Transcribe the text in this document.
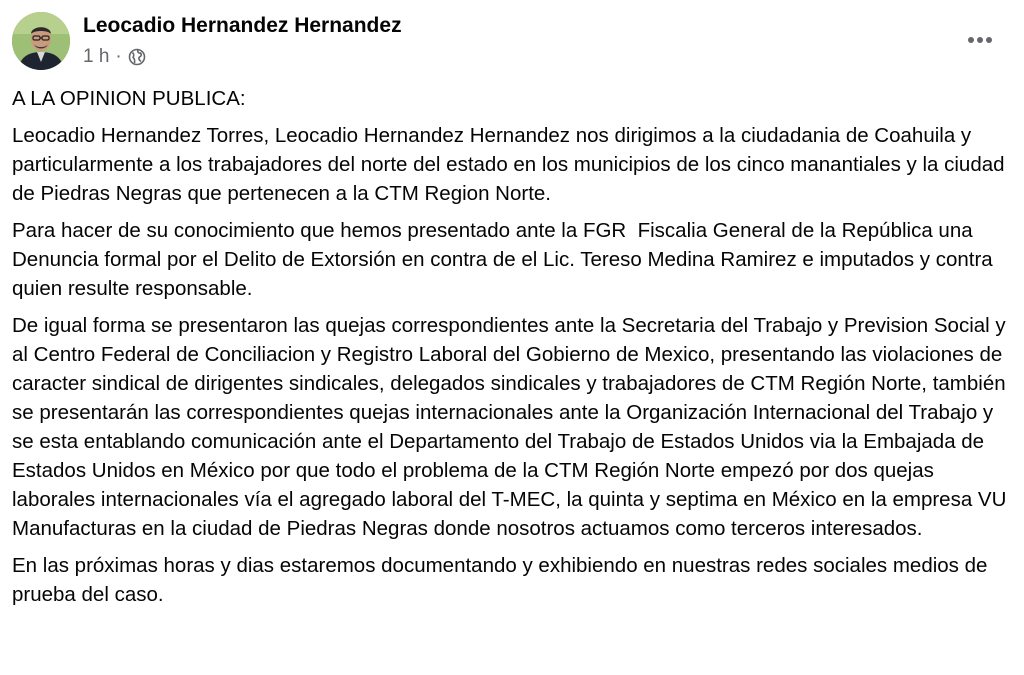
Leocadio Hernandez Hernandez
1 h ·

A LA OPINION PUBLICA:

Leocadio Hernandez Torres, Leocadio Hernandez Hernandez nos dirigimos a la ciudadania de Coahuila y particularmente a los trabajadores del norte del estado en los municipios de los cinco manantiales y la ciudad de Piedras Negras que pertenecen a la CTM Region Norte.

Para hacer de su conocimiento que hemos presentado ante la FGR  Fiscalia General de la República una Denuncia formal por el Delito de Extorsión en contra de el Lic. Tereso Medina Ramirez e imputados y contra quien resulte responsable.

De igual forma se presentaron las quejas correspondientes ante la Secretaria del Trabajo y Prevision Social y al Centro Federal de Conciliacion y Registro Laboral del Gobierno de Mexico, presentando las violaciones de caracter sindical de dirigentes sindicales, delegados sindicales y trabajadores de CTM Región Norte, también se presentarán las correspondientes quejas internacionales ante la Organización Internacional del Trabajo y se esta entablando comunicación ante el Departamento del Trabajo de Estados Unidos via la Embajada de Estados Unidos en México por que todo el problema de la CTM Región Norte empezó por dos quejas laborales internacionales vía el agregado laboral del T-MEC, la quinta y septima en México en la empresa VU Manufacturas en la ciudad de Piedras Negras donde nosotros actuamos como terceros interesados.

En las próximas horas y dias estaremos documentando y exhibiendo en nuestras redes sociales medios de prueba del caso.
